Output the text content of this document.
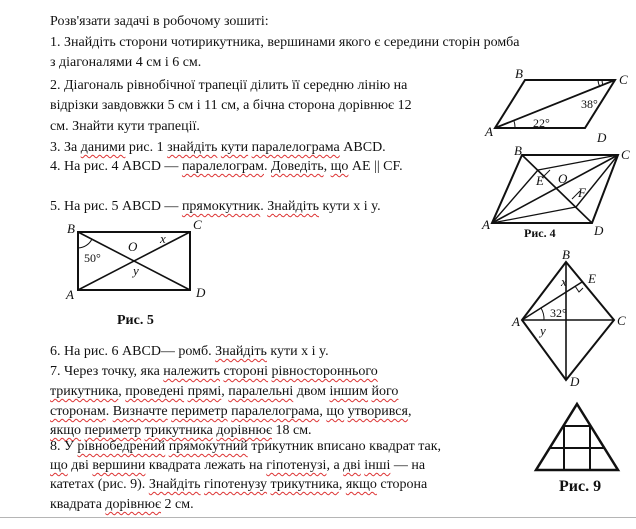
Розв'язати задачі в робочому зошиті:
1. Знайдіть сторони чотирикутника, вершинами якого є середини сторін ромба
з діагоналями 4 см і 6 см.
2. Діагональ рівнобічної трапеції ділить її середню лінію на
відрізки завдовжки 5 см і 11 см, а бічна сторона дорівнює 12
см. Знайти кути трапеції.
3. За даними рис. 1 знайдіть кути паралелограма ABCD.
4. На рис. 4 ABCD — паралелограм. Доведіть, що AE || CF.
5. На рис. 5 ABCD — прямокутник. Знайдіть кути x і y.
6. На рис. 6 ABCD— ромб. Знайдіть кути x і y.
7. Через точку, яка належить стороні рівностороннього
трикутника, проведені прямі, паралельні двом іншим його
сторонам. Визначте периметр паралелограма, що утворився,
якщо периметр трикутника дорівнює 18 см.
8. У рівнобедрений прямокутний трикутник вписано квадрат так,
що дві вершини квадрата лежать на гіпотенузі, а дві інші — на
катетах (рис. 9). Знайдіть гіпотенузу трикутника, якщо сторона
квадрата дорівнює 2 см.
B	C
A	D
38°
22°
B	C
A	D
E O
F
Рис. 4
B	C
A	D
O
x
y
50°
Рис. 5
B
E
A	C
D
x
y
32°
Рис. 9
